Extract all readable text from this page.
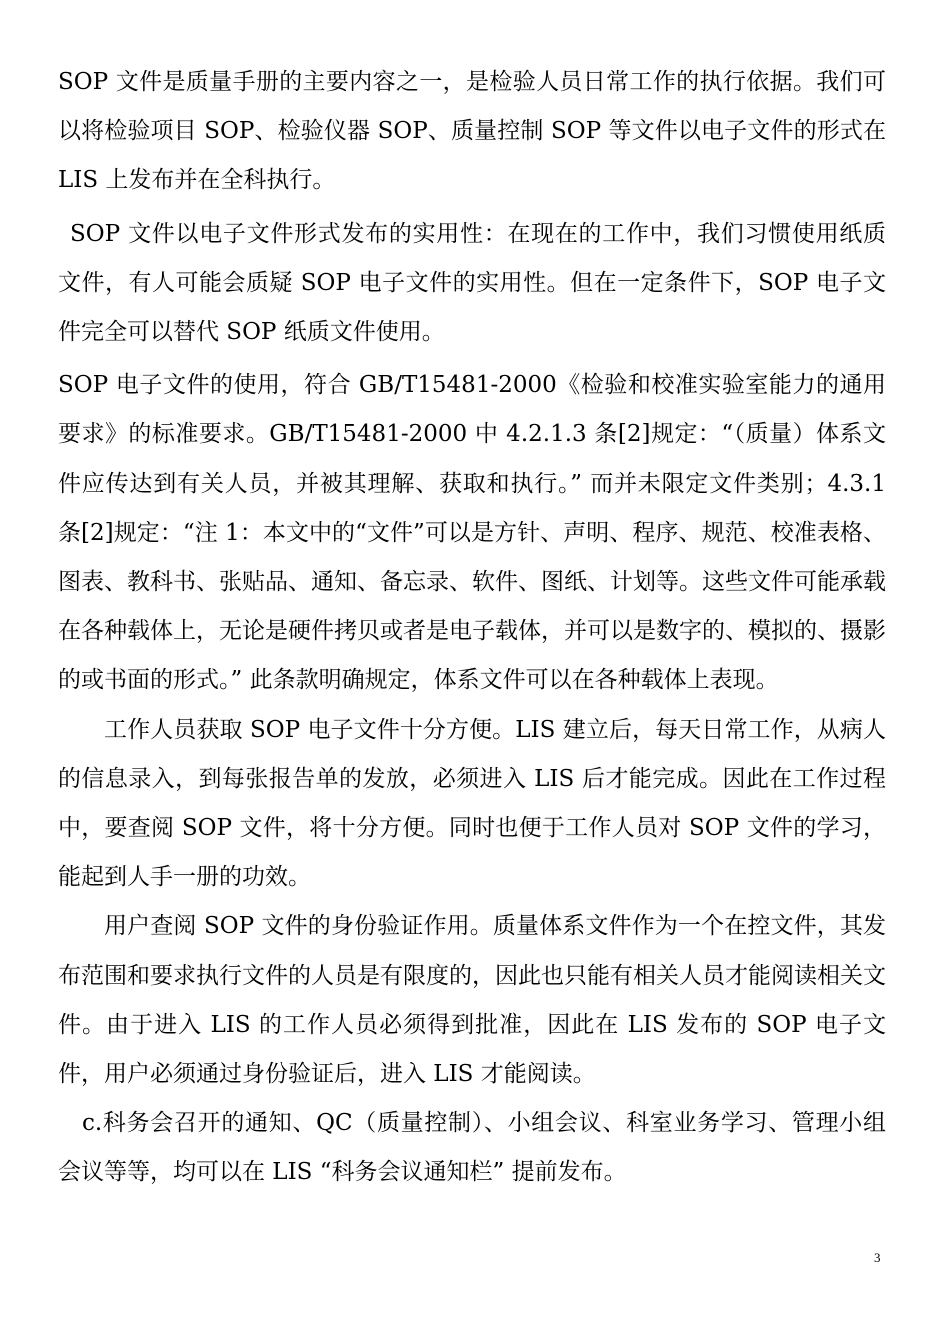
SOP 文件是质量手册的主要内容之一，是检验人员日常工作的执行依据。我们可以将检验项目 SOP、检验仪器 SOP、质量控制 SOP 等文件以电子文件的形式在 LIS 上发布并在全科执行。

SOP 文件以电子文件形式发布的实用性：在现在的工作中，我们习惯使用纸质文件，有人可能会质疑 SOP 电子文件的实用性。但在一定条件下，SOP 电子文件完全可以替代 SOP 纸质文件使用。

SOP 电子文件的使用，符合 GB/T15481-2000《检验和校准实验室能力的通用要求》的标准要求。GB/T15481-2000 中 4.2.1.3 条[2]规定：“（质量）体系文件应传达到有关人员，并被其理解、获取和执行。” 而并未限定文件类别；4.3.1 条[2]规定：“注 1：本文中的“文件”可以是方针、声明、程序、规范、校准表格、图表、教科书、张贴品、通知、备忘录、软件、图纸、计划等。这些文件可能承载在各种载体上，无论是硬件拷贝或者是电子载体，并可以是数字的、模拟的、摄影的或书面的形式。” 此条款明确规定，体系文件可以在各种载体上表现。

工作人员获取 SOP 电子文件十分方便。LIS 建立后，每天日常工作，从病人的信息录入，到每张报告单的发放，必须进入 LIS 后才能完成。因此在工作过程中，要查阅 SOP 文件，将十分方便。同时也便于工作人员对 SOP 文件的学习，能起到人手一册的功效。

用户查阅 SOP 文件的身份验证作用。质量体系文件作为一个在控文件，其发布范围和要求执行文件的人员是有限度的，因此也只能有相关人员才能阅读相关文件。由于进入 LIS 的工作人员必须得到批准，因此在 LIS 发布的 SOP 电子文件，用户必须通过身份验证后，进入 LIS 才能阅读。

c.科务会召开的通知、QC（质量控制）、小组会议、科室业务学习、管理小组会议等等，均可以在 LIS “科务会议通知栏” 提前发布。

3
